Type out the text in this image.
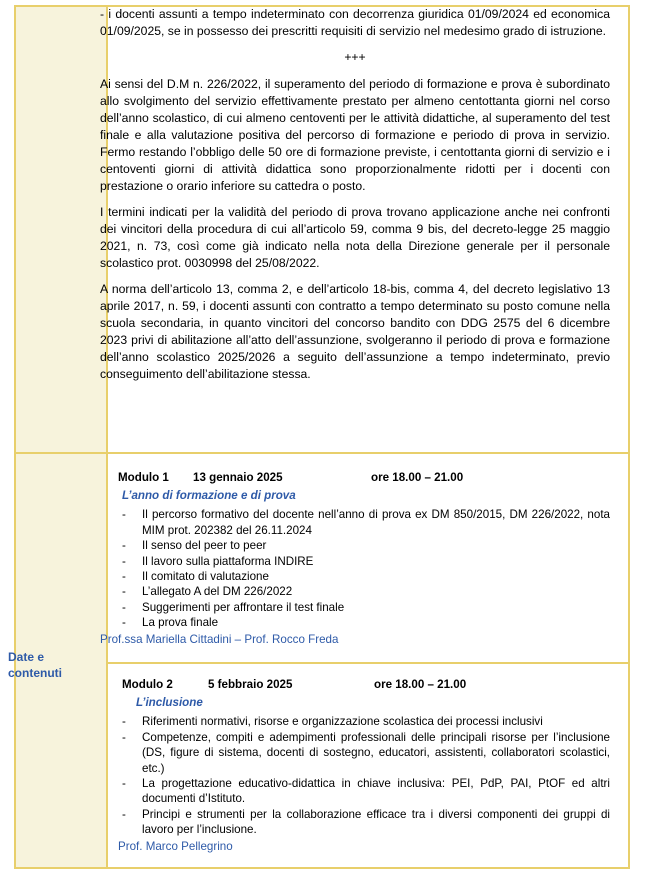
Date e contenuti

- i docenti assunti a tempo indeterminato con decorrenza giuridica 01/09/2024 ed economica 01/09/2025, se in possesso dei prescritti requisiti di servizio nel medesimo grado di istruzione.

+++

Ai sensi del D.M n. 226/2022, il superamento del periodo di formazione e prova è subordinato allo svolgimento del servizio effettivamente prestato per almeno centottanta giorni nel corso dell’anno scolastico, di cui almeno centoventi per le attività didattiche, al superamento del test finale e alla valutazione positiva del percorso di formazione e periodo di prova in servizio. Fermo restando l’obbligo delle 50 ore di formazione previste, i centottanta giorni di servizio e i centoventi giorni di attività didattica sono proporzionalmente ridotti per i docenti con prestazione o orario inferiore su cattedra o posto.

I termini indicati per la validità del periodo di prova trovano applicazione anche nei confronti dei vincitori della procedura di cui all’articolo 59, comma 9 bis, del decreto-legge 25 maggio 2021, n. 73, così come già indicato nella nota della Direzione generale per il personale scolastico prot. 0030998 del 25/08/2022.

A norma dell’articolo 13, comma 2, e dell’articolo 18-bis, comma 4, del decreto legislativo 13 aprile 2017, n. 59, i docenti assunti con contratto a tempo determinato su posto comune nella scuola secondaria, in quanto vincitori del concorso bandito con DDG 2575 del 6 dicembre 2023 privi di abilitazione all’atto dell’assunzione, svolgeranno il periodo di prova e formazione dell’anno scolastico 2025/2026 a seguito dell’assunzione a tempo indeterminato, previo conseguimento dell’abilitazione stessa.

Modulo 1 13 gennaio 2025	ore 18.00 – 21.00
L’anno di formazione e di prova
- Il percorso formativo del docente nell’anno di prova ex DM 850/2015, DM 226/2022, nota MIM prot. 202382 del 26.11.2024
- Il senso del peer to peer
- Il lavoro sulla piattaforma INDIRE
- Il comitato di valutazione
- L’allegato A del DM 226/2022
- Suggerimenti per affrontare il test finale
- La prova finale
Prof.ssa Mariella Cittadini – Prof. Rocco Freda
Modulo 2	5 febbraio 2025	ore 18.00 – 21.00
L’inclusione
- Riferimenti normativi, risorse e organizzazione scolastica dei processi inclusivi
- Competenze, compiti e adempimenti professionali delle principali risorse per l’inclusione (DS, figure di sistema, docenti di sostegno, educatori, assistenti, collaboratori scolastici, etc.)
- La progettazione educativo-didattica in chiave inclusiva: PEI, PdP, PAI, PtOF ed altri documenti d’Istituto.
- Principi e strumenti per la collaborazione efficace tra i diversi componenti dei gruppi di lavoro per l’inclusione.
Prof. Marco Pellegrino
